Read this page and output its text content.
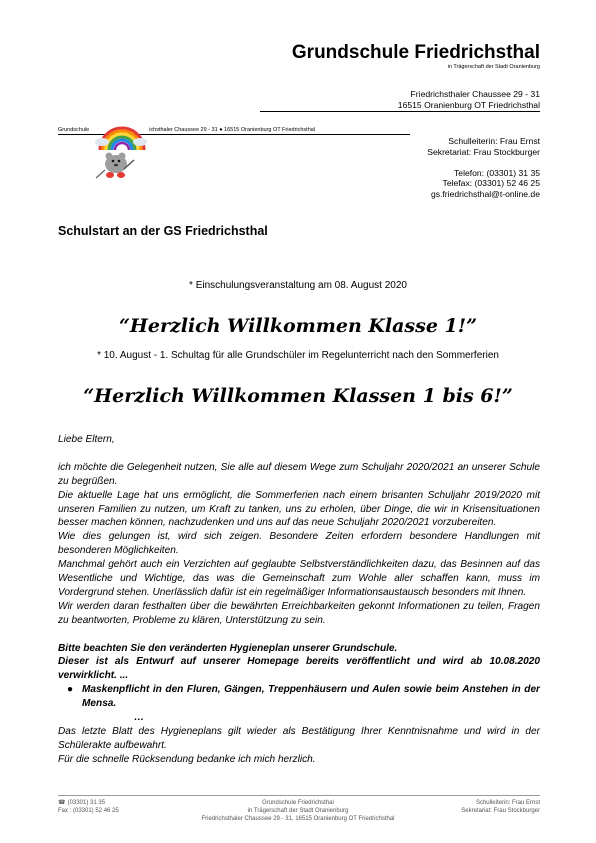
Grundschule Friedrichsthal
in Trägerschaft der Stadt Oranienburg
Friedrichsthaler Chaussee 29 - 31
16515 Oranienburg OT Friedrichsthal
Grundschule	ichsthaler Chaussee 29 - 31 ● 16515 Oranienburg OT Friedrichsthal
Schulleiterin: Frau Ernst
Sekretariat: Frau Stockburger
Telefon: (03301) 31 35
Telefax: (03301) 52 46 25
gs.friedrichsthal@t-online.de
Schulstart an der GS Friedrichsthal
* Einschulungsveranstaltung am 08. August 2020
“Herzlich Willkommen Klasse 1!”
* 10. August - 1. Schultag für alle Grundschüler im Regelunterricht nach den Sommerferien
“Herzlich Willkommen Klassen 1 bis 6!”

Liebe Eltern,

ich möchte die Gelegenheit nutzen, Sie alle auf diesem Wege zum Schuljahr 2020/2021 an unserer Schule zu begrüßen.

Die aktuelle Lage hat uns ermöglicht, die Sommerferien nach einem brisanten Schuljahr 2019/2020 mit unseren Familien zu nutzen, um Kraft zu tanken, uns zu erholen, über Dinge, die wir in Krisensituationen besser machen können, nachzudenken und uns auf das neue Schuljahr 2020/2021 vorzubereiten.

Wie dies gelungen ist, wird sich zeigen. Besondere Zeiten erfordern besondere Handlungen mit besonderen Möglichkeiten.

Manchmal gehört auch ein Verzichten auf geglaubte Selbstverständlichkeiten dazu, das Besinnen auf das Wesentliche und Wichtige, das was die Gemeinschaft zum Wohle aller schaffen kann, muss im Vordergrund stehen. Unerlässlich dafür ist ein regelmäßiger Informationsaustausch besonders mit Ihnen.

Wir werden daran festhalten über die bewährten Erreichbarkeiten gekonnt Informationen zu teilen, Fragen zu beantworten, Probleme zu klären, Unterstützung zu sein.

Bitte beachten Sie den veränderten Hygieneplan unserer Grundschule.

Dieser ist als Entwurf auf unserer Homepage bereits veröffentlicht und wird ab 10.08.2020 verwirklicht. ...

● Maskenpflicht in den Fluren, Gängen, Treppenhäusern und Aulen sowie beim Anstehen in der Mensa.

…

Das letzte Blatt des Hygieneplans gilt wieder als Bestätigung Ihrer Kenntnisnahme und wird in der Schülerakte aufbewahrt.

Für die schnelle Rücksendung bedanke ich mich herzlich.

☎ (03301) 31 35
Fax : (03301) 52 46 25
Grundschule Friedrichsthal
in Trägerschaft der Stadt Oranienburg
Friedrichsthaler Chaussee 29 - 31, 16515 Oranienburg OT Friedrichsthal
Schulleiterin: Frau Ernst
Sekretariat: Frau Stockburger
